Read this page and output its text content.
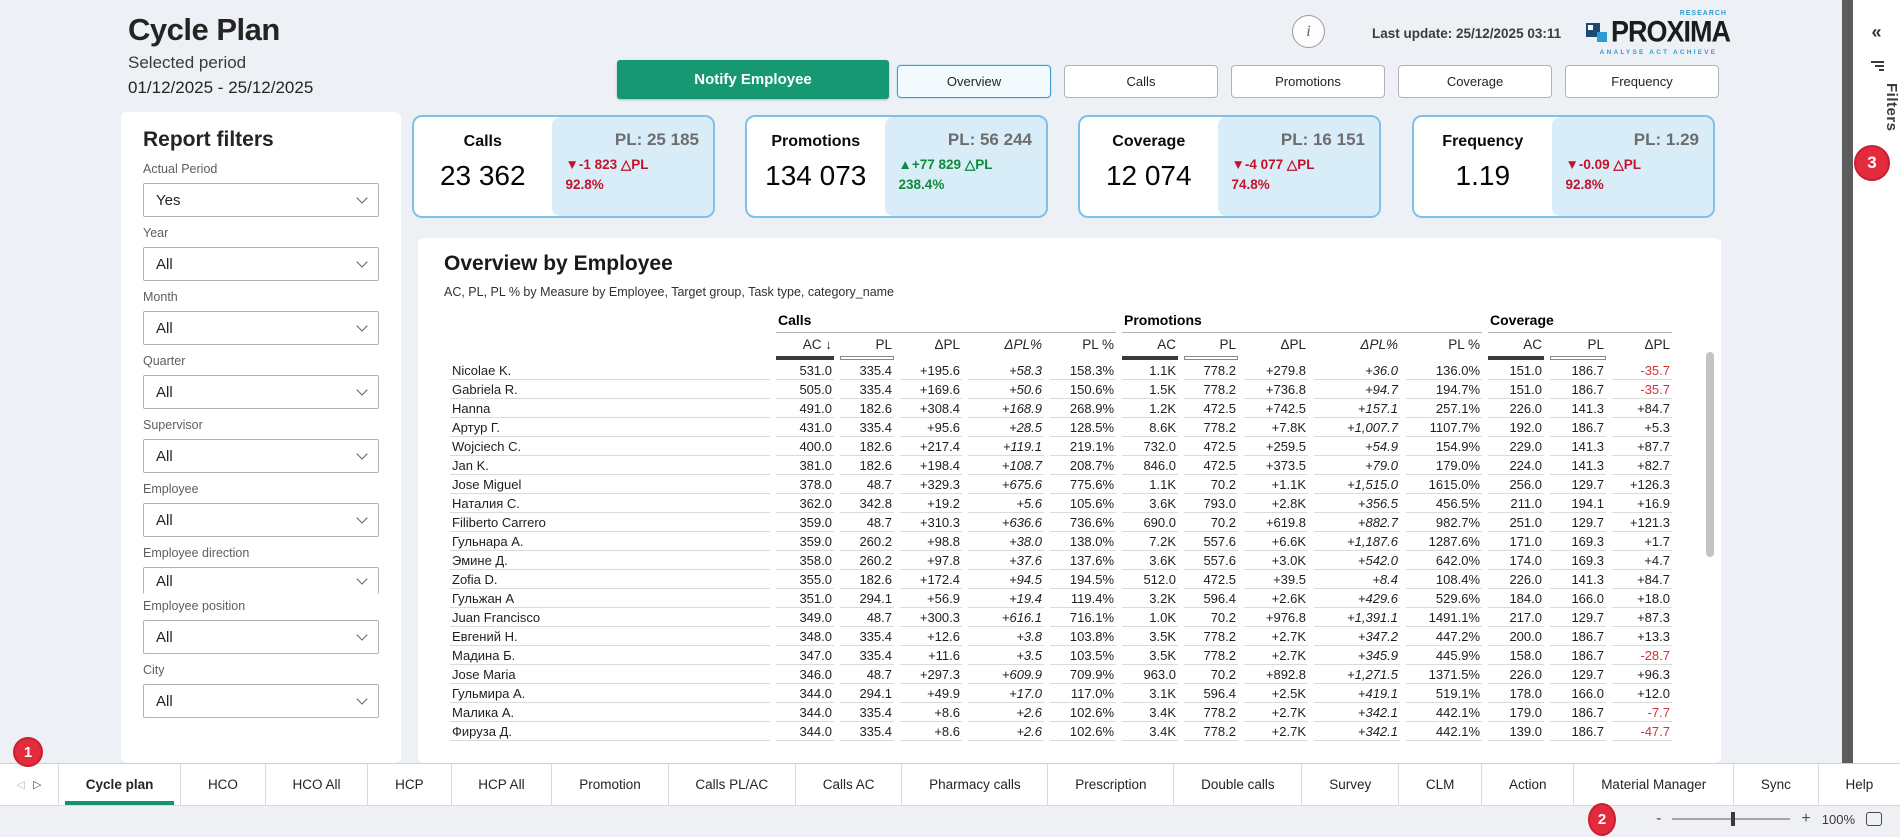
Cycle Plan
Selected period
01/12/2025 - 25/12/2025	Notify Employee	Overview	Calls	Promotions	Coverage	Frequency
i	Last update: 25/12/2025 03:11
RESEARCH
PROXIMA
ANALYSE ACT ACHIEVE
Report filters
Actual Period
Yes
Year
All
Month
All
Quarter
All
Supervisor
All
Employee
All
Employee direction
All
Employee position
All
City
All
Calls
23 362
PL: 25 185
▼-1 823 △PL
92.8%
Promotions
134 073
PL: 56 244
▲+77 829 △PL
238.4%
Coverage
12 074
PL: 16 151
▼-4 077 △PL
74.8%
Frequency
1.19
PL: 1.29
▼-0.09 △PL
92.8%
Overview by Employee
AC, PL, PL % by Measure by Employee, Target group, Task type, category_name
	Calls					Promotions					Coverage		
	AC ↓	PL	ΔPL	ΔPL%	PL %	AC	PL	ΔPL	ΔPL%	PL %	AC	PL	ΔPL

Nicolae K.	531.0	335.4	+195.6	+58.3	158.3%	1.1K	778.2	+279.8	+36.0	136.0%	151.0	186.7	-35.7
Gabriela R.	505.0	335.4	+169.6	+50.6	150.6%	1.5K	778.2	+736.8	+94.7	194.7%	151.0	186.7	-35.7
Hanna	491.0	182.6	+308.4	+168.9	268.9%	1.2K	472.5	+742.5	+157.1	257.1%	226.0	141.3	+84.7
Артур Г.	431.0	335.4	+95.6	+28.5	128.5%	8.6K	778.2	+7.8K	+1,007.7	1107.7%	192.0	186.7	+5.3
Wojciech C.	400.0	182.6	+217.4	+119.1	219.1%	732.0	472.5	+259.5	+54.9	154.9%	229.0	141.3	+87.7
Jan K.	381.0	182.6	+198.4	+108.7	208.7%	846.0	472.5	+373.5	+79.0	179.0%	224.0	141.3	+82.7
Jose Miguel	378.0	48.7	+329.3	+675.6	775.6%	1.1K	70.2	+1.1K	+1,515.0	1615.0%	256.0	129.7	+126.3
Наталия С.	362.0	342.8	+19.2	+5.6	105.6%	3.6K	793.0	+2.8K	+356.5	456.5%	211.0	194.1	+16.9
Filiberto Carrero	359.0	48.7	+310.3	+636.6	736.6%	690.0	70.2	+619.8	+882.7	982.7%	251.0	129.7	+121.3
Гульнара А.	359.0	260.2	+98.8	+38.0	138.0%	7.2K	557.6	+6.6K	+1,187.6	1287.6%	171.0	169.3	+1.7
Эмине Д.	358.0	260.2	+97.8	+37.6	137.6%	3.6K	557.6	+3.0K	+542.0	642.0%	174.0	169.3	+4.7
Zofia D.	355.0	182.6	+172.4	+94.5	194.5%	512.0	472.5	+39.5	+8.4	108.4%	226.0	141.3	+84.7
Гульжан А	351.0	294.1	+56.9	+19.4	119.4%	3.2K	596.4	+2.6K	+429.6	529.6%	184.0	166.0	+18.0
Juan Francisco	349.0	48.7	+300.3	+616.1	716.1%	1.0K	70.2	+976.8	+1,391.1	1491.1%	217.0	129.7	+87.3
Евгений Н.	348.0	335.4	+12.6	+3.8	103.8%	3.5K	778.2	+2.7K	+347.2	447.2%	200.0	186.7	+13.3
Мадина Б.	347.0	335.4	+11.6	+3.5	103.5%	3.5K	778.2	+2.7K	+345.9	445.9%	158.0	186.7	-28.7
Jose Maria	346.0	48.7	+297.3	+609.9	709.9%	963.0	70.2	+892.8	+1,271.5	1371.5%	226.0	129.7	+96.3
Гульмира А.	344.0	294.1	+49.9	+17.0	117.0%	3.1K	596.4	+2.5K	+419.1	519.1%	178.0	166.0	+12.0
Малика А.	344.0	335.4	+8.6	+2.6	102.6%	3.4K	778.2	+2.7K	+342.1	442.1%	179.0	186.7	-7.7
Фируза Д.	344.0	335.4	+8.6	+2.6	102.6%	3.4K	778.2	+2.7K	+342.1	442.1%	139.0	186.7	-47.7
«
Filters
◁ ▷	Cycle plan	HCO	HCO All	HCP	HCP All	Promotion	Calls PL/AC	Calls AC	Pharmacy calls	Prescription	Double calls	Survey	CLM	Action	Material Manager	Sync	Help
-	+ 100%
1
2
3
